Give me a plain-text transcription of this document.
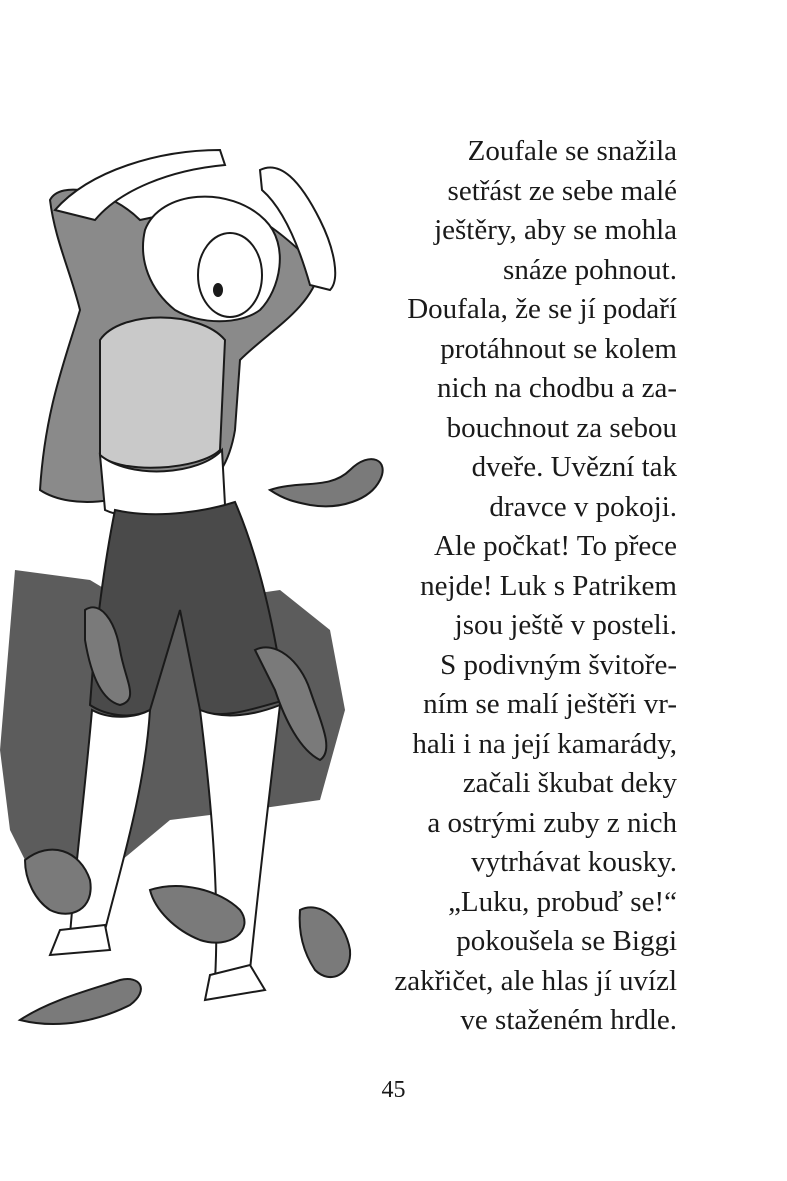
Zoufale se snažila
setřást ze sebe malé
ještěry, aby se mohla
snáze pohnout.
Doufala, že se jí podaří
protáhnout se kolem
nich na chodbu a za-
bouchnout za sebou
dveře. Uvězní tak
dravce v pokoji.
Ale počkat! To přece
nejde! Luk s Patrikem
jsou ještě v posteli.
S podivným švitoře-
ním se malí ještěři vr-
hali i na její kamarády,
začali škubat deky
a ostrými zuby z nich
vytrhávat kousky.
„Luku, probuď se!“
pokoušela se Biggi
zakřičet, ale hlas jí uvízl
ve staženém hrdle.
45
